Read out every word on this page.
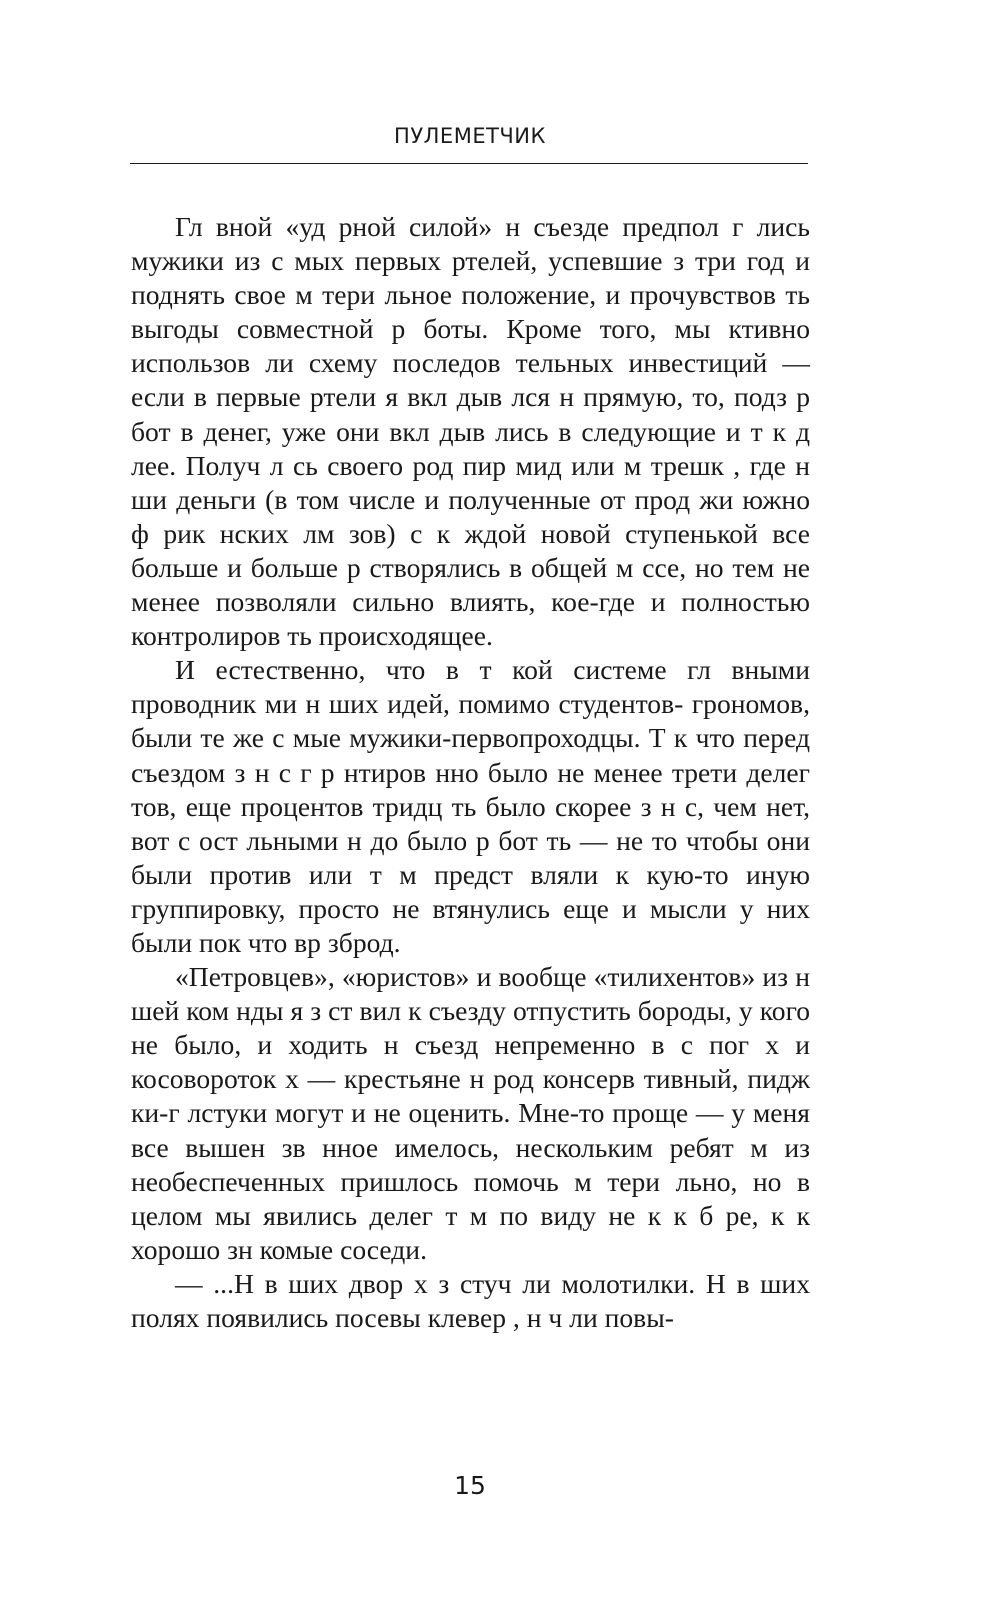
ПУЛЕМЕТЧИК

Гл вной «уд рной силой» н съезде предпол г лись мужики из с мых первых ртелей, успевшие з три год и поднять свое м тери льное положение, и прочувствов ть выгоды совместной р боты. Кроме того, мы ктивно использов ли схему последов тельных инвестиций — если в первые ртели я вкл дыв лся н прямую, то, подз р бот в денег, уже они вкл дыв лись в следующие и т к д лее. Получ л сь своего род пир мид или м трешк , где н ши деньги (в том числе и полученные от прод жи южно ф рик нских лм зов) с к ждой новой ступенькой все больше и больше р створялись в общей м ссе, но тем не менее позволяли сильно влиять, кое-где и полностью контролиров ть происходящее.

И естественно, что в т кой системе гл вными проводник ми н ших идей, помимо студентов- грономов, были те же с мые мужики-первопроходцы. Т к что перед съездом з н с г р нтиров нно было не менее трети делег тов, еще процентов тридц ть было скорее з н с, чем нет, вот с ост льными н до было р бот ть — не то чтобы они были против или т м предст вляли к кую-то иную группировку, просто не втянулись еще и мысли у них были пок что вр зброд.

«Петровцев», «юристов» и вообще «тилихентов» из н шей ком нды я з ст вил к съезду отпустить бороды, у кого не было, и ходить н съезд непременно в с пог х и косовороток х — крестьяне н род консерв тивный, пидж ки-г лстуки могут и не оценить. Мне-то проще — у меня все вышен зв нное имелось, нескольким ребят м из необеспеченных пришлось помочь м тери льно, но в целом мы явились делег т м по виду не к к б ре, к к хорошо зн комые соседи.

— ...Н в ших двор х з стуч ли молотилки. Н в ших полях появились посевы клевер , н ч ли повы-

15
